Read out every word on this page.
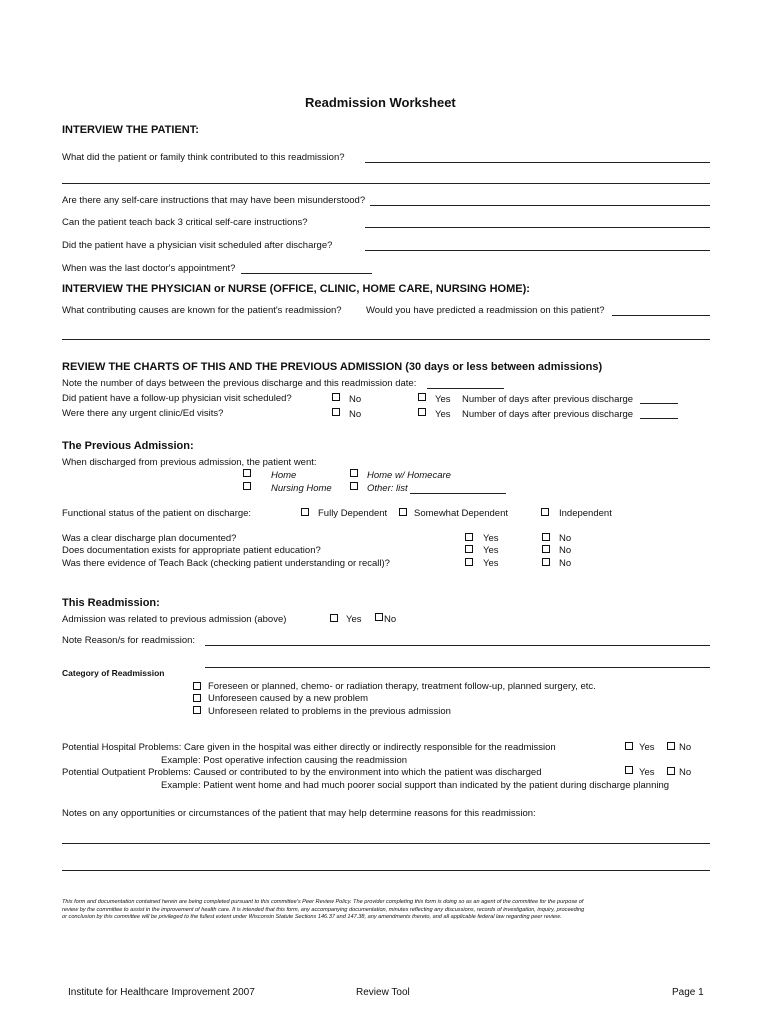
Readmission Worksheet
INTERVIEW THE PATIENT:
What did the patient or family think contributed to this readmission?
Are there any self-care instructions that may have been misunderstood?
Can the patient teach back 3 critical self-care instructions?
Did the patient have a physician visit scheduled after discharge?
When was the last doctor's appointment?
INTERVIEW THE PHYSICIAN or NURSE (OFFICE, CLINIC, HOME CARE, NURSING HOME):
What contributing causes are known for the patient's readmission?	Would you have predicted a readmission on this patient?
REVIEW THE CHARTS OF THIS AND THE PREVIOUS ADMISSION (30 days or less between admissions)
Note the number of days between the previous discharge and this readmission date:
Did patient have a follow-up physician visit scheduled?	No	Yes Number of days after previous discharge
Were there any urgent clinic/Ed visits?	No	Yes Number of days after previous discharge
The Previous Admission:
When discharged from previous admission, the patient went:
Home	Home w/ Homecare
Nursing Home	Other: list
Functional status of the patient on discharge:	Fully Dependent	Somewhat Dependent	Independent
Was a clear discharge plan documented?	Yes	No
Does documentation exists for appropriate patient education?	Yes	No
Was there evidence of Teach Back (checking patient understanding or recall)?	Yes	No
This Readmission:
Admission was related to previous admission (above)	Yes No
Note Reason/s for readmission:
Category of Readmission
Foreseen or planned, chemo- or radiation therapy, treatment follow-up, planned surgery, etc.
Unforeseen caused by a new problem
Unforeseen related to problems in the previous admission
Potential Hospital Problems: Care given in the hospital was either directly or indirectly responsible for the readmission	Yes	No
Example: Post operative infection causing the readmission
Potential Outpatient Problems: Caused or contributed to by the environment into which the patient was discharged	Yes	No
Example: Patient went home and had much poorer social support than indicated by the patient during discharge planning
Notes on any opportunities or circumstances of the patient that may help determine reasons for this readmission:
This form and documentation contained herein are being completed pursuant to this committee's Peer Review Policy. The provider completing this form is doing so as an agent of the committee for the purpose of
review by the committee to assist in the improvement of health care. It is intended that this form, any accompanying documentation, minutes reflecting any discussions, records of investigation, inquiry, proceeding
or conclusion by this committee will be privileged to the fullest extent under Wisconsin Statute Sections 146.37 and 147.38, any amendments thereto, and all applicable federal law regarding peer review.
Institute for Healthcare Improvement 2007	Review Tool	Page 1
